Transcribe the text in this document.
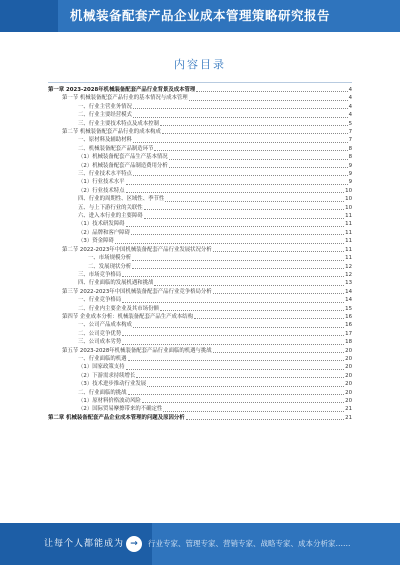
机械装备配套产品企业成本管理策略研究报告
内容目录
第一章 2023-2028年机械装备配套产品行业背景及成本管理	4
第一节 机械装备配套产品行业的基本情况与成本管理	4
一、行业主营业务情况	4
二、行业主要经营模式	4
三、行业主要技术特点及成本控制	5
第二节 机械装备配套产品行业的成本构成	7
一、原材料及辅助材料	7
二、机械装备配套产品制造环节	8
（1）机械装备配套产品生产基本情况	8
（2）机械装备配套产品制造费用分析	9
三、行业技术水平特点	9
（1）行业技术水平	9
（2）行业技术特点	10
四、行业的周期性、区域性、季节性	10
五、与上下游行业的关联性	10
六、进入本行业的主要障碍	11
（1）技术研发障碍	11
（2）品牌和客户障碍	11
（3）资金障碍	11
第二节 2022-2023年中国机械装备配套产品行业发展状况分析	11
一、市场规模分析	11
二、发展现状分析	12
三、市场竞争格局	12
四、行业面临的发展机遇和挑战	13
第三节 2022-2023年中国机械装备配套产品行业竞争格局分析	14
一、行业竞争格局	14
二、行业内主要企业及其市场份额	15
第四节 企业成本分析：机械装备配套产品生产成本结构	16
一、公司产品成本构成	16
二、公司竞争优势	17
三、公司成本劣势	18
第五节 2023-2028年机械装备配套产品行业面临的机遇与挑战	20
一、行业面临的机遇	20
（1）国家政策支持	20
（2）下游需求持续增长	20
（3）技术进步推动行业发展	20
二、行业面临的挑战	20
（1）原材料价格波动风险	20
（2）国际贸易摩擦带来的不确定性	21
第二章 机械装备配套产品企业成本管理的问题及原因分析	21
让每个人都能成为 →	行业专家、管理专家、营销专家、战略专家、成本分析家……
